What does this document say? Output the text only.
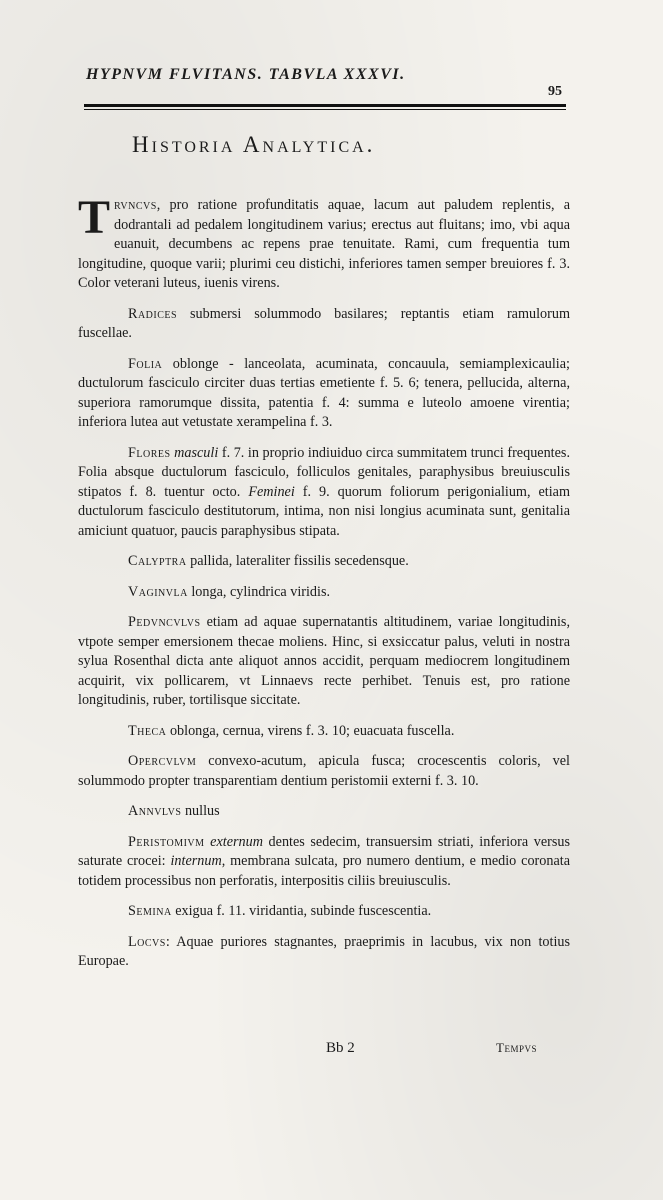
HYPNVM FLVITANS. TABVLA XXXVI.
95
Historia Analytica.

Trvncvs, pro ratione profunditatis aquae, lacum aut paludem replentis, a dodrantali ad pedalem longitudinem varius; erectus aut fluitans; imo, vbi aqua euanuit, decumbens ac repens prae tenuitate. Rami, cum frequentia tum longitudine, quoque varii; plurimi ceu distichi, inferiores tamen semper breuiores f. 3. Color veterani luteus, iuenis virens.

Radices submersi solummodo basilares; reptantis etiam ramulorum fuscellae.

Folia oblonge - lanceolata, acuminata, concauula, semiamplexicaulia; ductulorum fasciculo circiter duas tertias emetiente f. 5. 6; tenera, pellucida, alterna, superiora ramorumque dissita, patentia f. 4: summa e luteolo amoene virentia; inferiora lutea aut vetustate xerampelina f. 3.

Flores masculi f. 7. in proprio indiuiduo circa summitatem trunci frequentes. Folia absque ductulorum fasciculo, folliculos genitales, paraphysibus breuiusculis stipatos f. 8. tuentur octo. Feminei f. 9. quorum foliorum perigonialium, etiam ductulorum fasciculo destitutorum, intima, non nisi longius acuminata sunt, genitalia amiciunt quatuor, paucis paraphysibus stipata.

Calyptra pallida, lateraliter fissilis secedensque.

Vaginvla longa, cylindrica viridis.

Pedvncvlvs etiam ad aquae supernatantis altitudinem, variae longitudinis, vtpote semper emersionem thecae moliens. Hinc, si exsiccatur palus, veluti in nostra sylua Rosenthal dicta ante aliquot annos accidit, perquam mediocrem longitudinem acquirit, vix pollicarem, vt Linnaevs recte perhibet. Tenuis est, pro ratione longitudinis, ruber, tortilisque siccitate.

Theca oblonga, cernua, virens f. 3. 10; euacuata fuscella.

Opercvlvm convexo-acutum, apicula fusca; crocescentis coloris, vel solummodo propter transparentiam dentium peristomii externi f. 3. 10.

Annvlvs nullus

Peristomivm externum dentes sedecim, transuersim striati, inferiora versus saturate crocei: internum, membrana sulcata, pro numero dentium, e medio coronata totidem processibus non perforatis, interpositis ciliis breuiusculis.

Semina exigua f. 11. viridantia, subinde fuscescentia.

Locvs: Aquae puriores stagnantes, praeprimis in lacubus, vix non totius Europae.

Bb 2	Tempvs
